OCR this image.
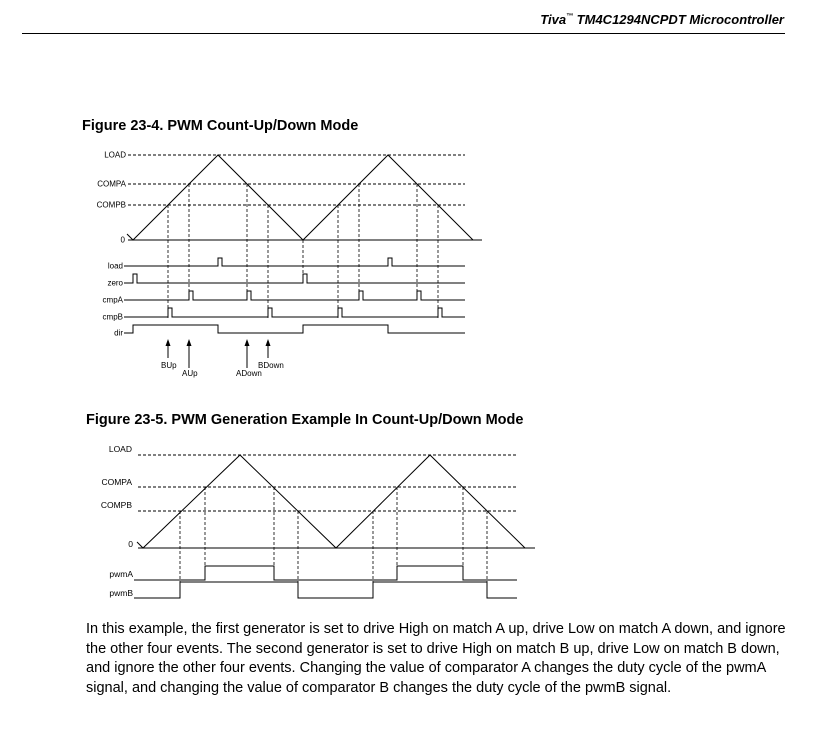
Tiva™ TM4C1294NCPDT Microcontroller
Figure 23-4. PWM Count-Up/Down Mode
LOAD
COMPA
COMPB
0
load
zero
cmpA
cmpB
dir
BUp
AUp	ADown
BDown
Figure 23-5. PWM Generation Example In Count-Up/Down Mode
LOAD
COMPA
COMPB
0
pwmA
pwmB
In this example, the first generator is set to drive High on match A up, drive Low on match A down, and ignore the other four events. The second generator is set to drive High on match B up, drive Low on match B down, and ignore the other four events. Changing the value of comparator A changes the duty cycle of the pwmA signal, and changing the value of comparator B changes the duty cycle of the pwmB signal.
